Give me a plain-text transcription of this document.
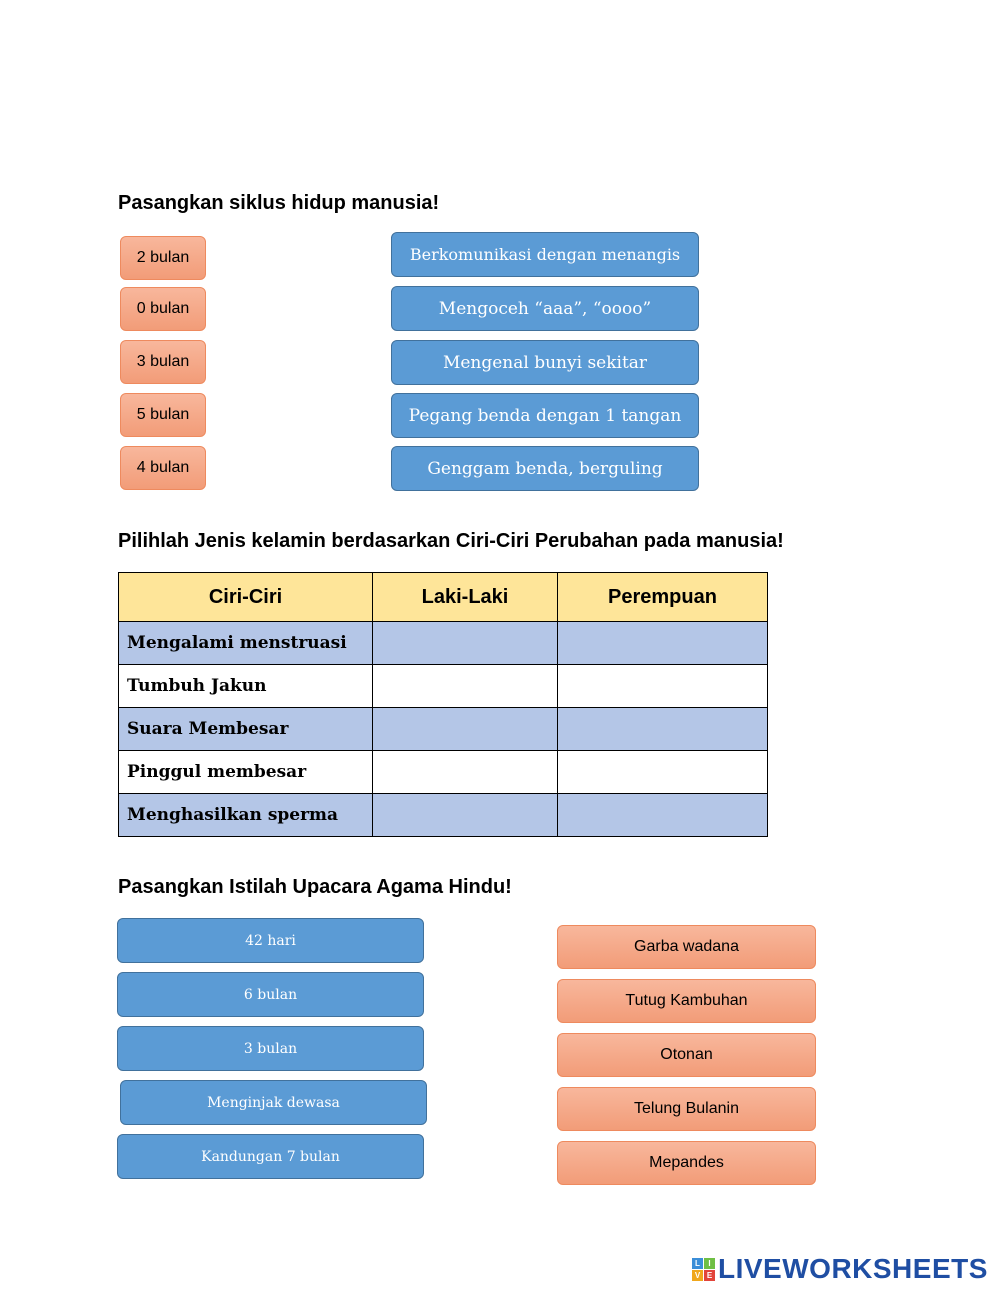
Pasangkan siklus hidup manusia!
2 bulan
0 bulan
3 bulan
5 bulan
4 bulan
Berkomunikasi dengan menangis
Mengoceh “aaa”, “oooo”
Mengenal bunyi sekitar
Pegang benda dengan 1 tangan
Genggam benda, berguling
Pilihlah Jenis kelamin berdasarkan Ciri-Ciri Perubahan pada manusia!
Ciri-Ciri	Laki-Laki	Perempuan
Mengalami menstruasi		
Tumbuh Jakun		
Suara Membesar		
Pinggul membesar		
Menghasilkan sperma		
Pasangkan Istilah Upacara Agama Hindu!
42 hari
6 bulan
3 bulan
Menginjak dewasa
Kandungan 7 bulan
Garba wadana
Tutug Kambuhan
Otonan
Telung Bulanin
Mepandes
L	I
V E LIVEWORKSHEETS
